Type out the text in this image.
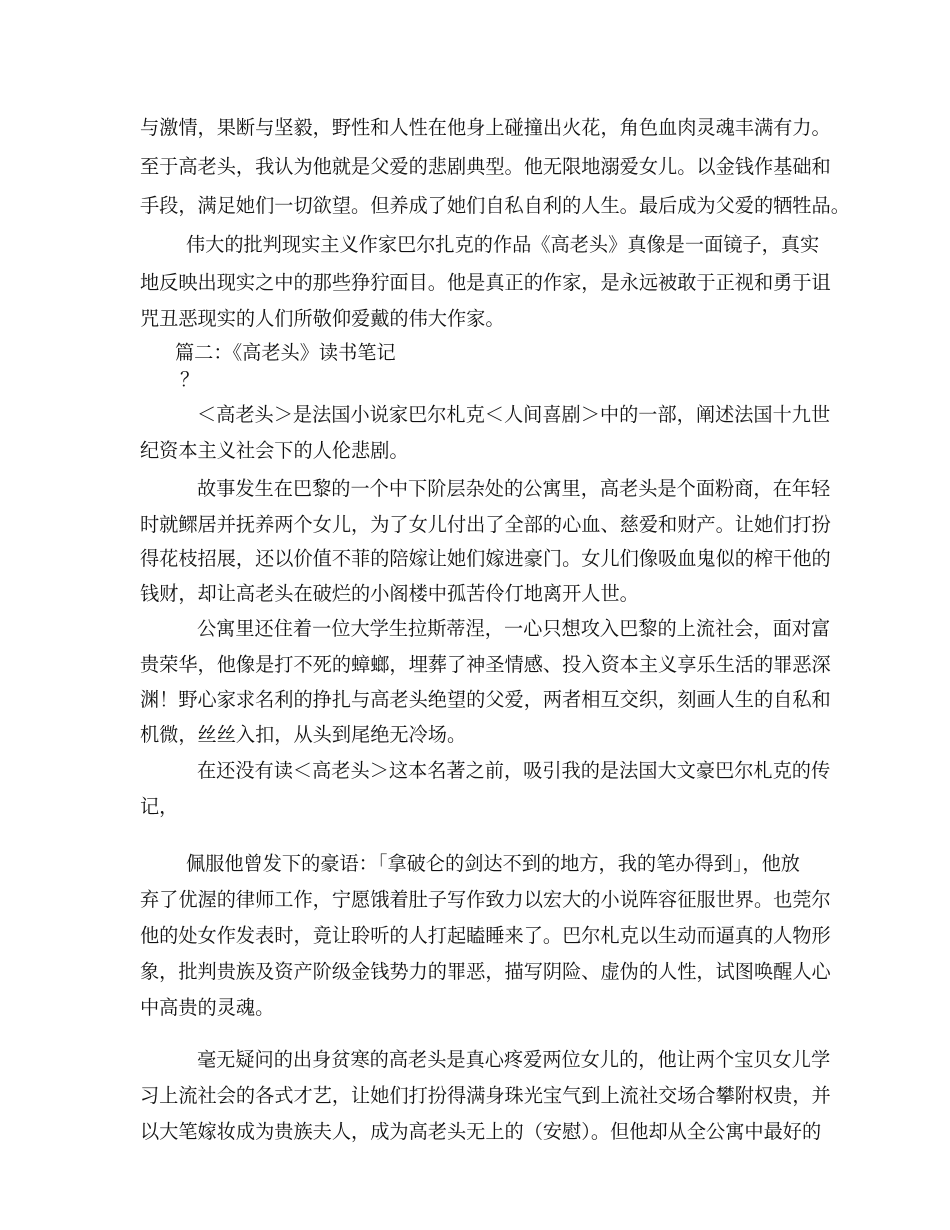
与激情，果断与坚毅，野性和人性在他身上碰撞出火花，角色血肉灵魂丰满有力。
至于高老头，我认为他就是父爱的悲剧典型。他无限地溺爱女儿。以金钱作基础和
手段，满足她们一切欲望。但养成了她们自私自利的人生。最后成为父爱的牺牲品。
伟大的批判现实主义作家巴尔扎克的作品《高老头》真像是一面镜子，真实
地反映出现实之中的那些狰狞面目。他是真正的作家，是永远被敢于正视和勇于诅
咒丑恶现实的人们所敬仰爱戴的伟大作家。
篇二：《高老头》读书笔记
？
＜高老头＞是法国小说家巴尔札克＜人间喜剧＞中的一部，阐述法国十九世
纪资本主义社会下的人伦悲剧。
故事发生在巴黎的一个中下阶层杂处的公寓里，高老头是个面粉商，在年轻
时就鳏居并抚养两个女儿，为了女儿付出了全部的心血、慈爱和财产。让她们打扮
得花枝招展，还以价值不菲的陪嫁让她们嫁进豪门。女儿们像吸血鬼似的榨干他的
钱财，却让高老头在破烂的小阁楼中孤苦伶仃地离开人世。
公寓里还住着一位大学生拉斯蒂涅，一心只想攻入巴黎的上流社会，面对富
贵荣华，他像是打不死的蟑螂，埋葬了神圣情感、投入资本主义享乐生活的罪恶深
渊！野心家求名利的挣扎与高老头绝望的父爱，两者相互交织，刻画人生的自私和
机微，丝丝入扣，从头到尾绝无冷场。
在还没有读＜高老头＞这本名著之前，吸引我的是法国大文豪巴尔札克的传
记，
佩服他曾发下的豪语：「拿破仑的剑达不到的地方，我的笔办得到」，他放
弃了优渥的律师工作，宁愿饿着肚子写作致力以宏大的小说阵容征服世界。也莞尔
他的处女作发表时，竟让聆听的人打起瞌睡来了。巴尔札克以生动而逼真的人物形
象，批判贵族及资产阶级金钱势力的罪恶，描写阴险、虚伪的人性，试图唤醒人心
中高贵的灵魂。
毫无疑问的出身贫寒的高老头是真心疼爱两位女儿的，他让两个宝贝女儿学
习上流社会的各式才艺，让她们打扮得满身珠光宝气到上流社交场合攀附权贵，并
以大笔嫁妆成为贵族夫人，成为高老头无上的（安慰）。但他却从全公寓中最好的
